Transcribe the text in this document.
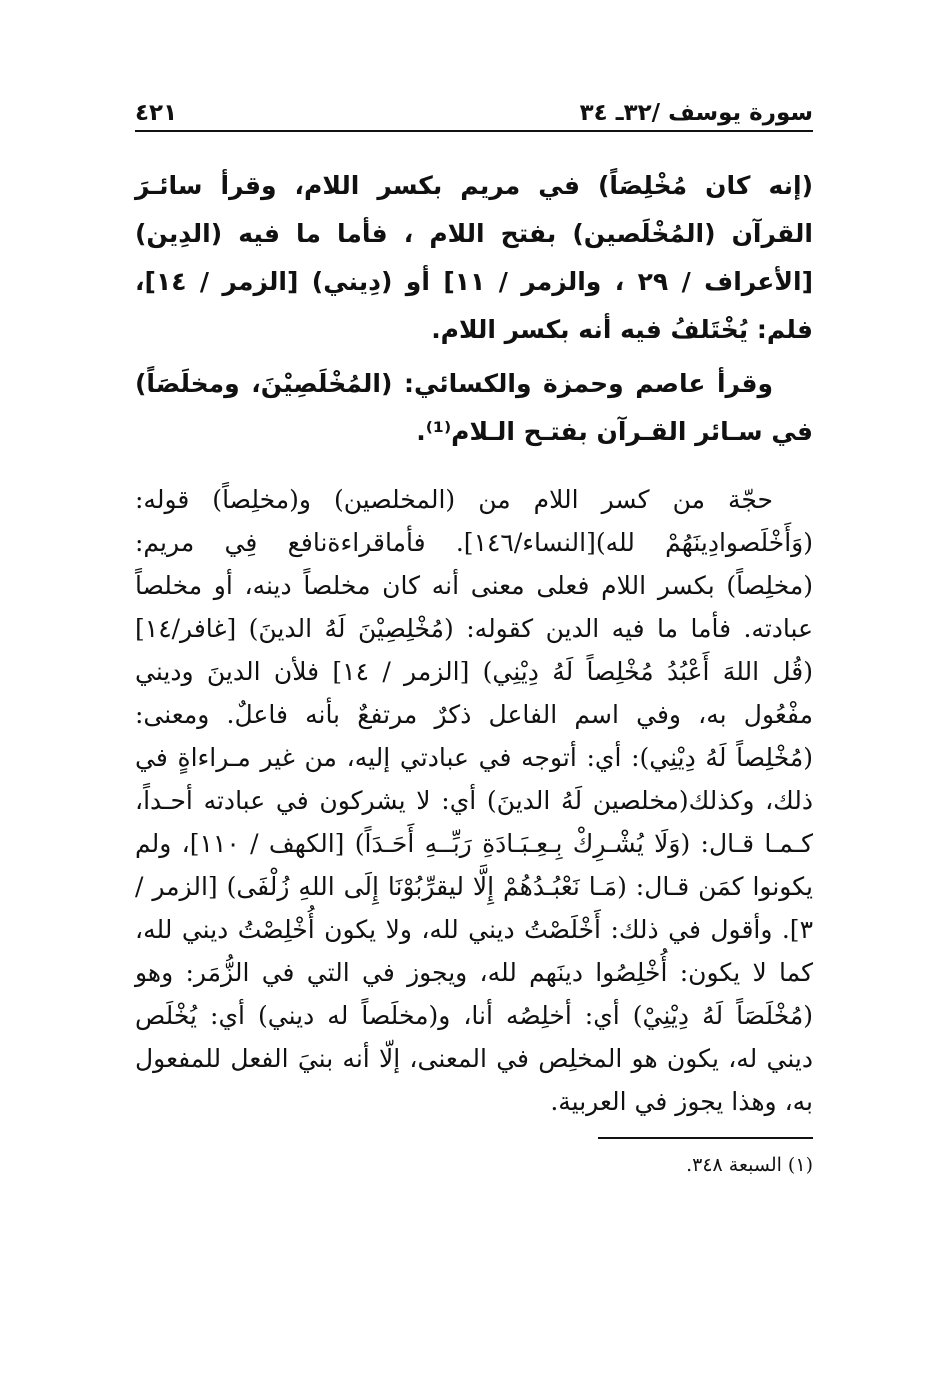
سورة يوسف /٣٢ـ ٣٤
٤٢١

(إنه كان مُخْلِصَاً) في مريم بكسر اللام، وقرأ سائـرَ القرآن (المُخْلَصين) بفتح اللام ، فأما ما فيه (الدِين) [الأعراف / ٢٩ ، والزمر / ١١] أو (دِيني) [الزمر / ١٤]، فلم: يُخْتَلفُ فيه أنه بكسر اللام.

وقرأ عاصم وحمزة والكسائي: (المُخْلَصِيْنَ، ومخلَصَاً) في سـائر القـرآن بفتـح الـلام⁽¹⁾.

حجّة من كسر اللام من (المخلصين) و(مخلِصاً) قوله: (وَأَخْلَصوادِينَهُمْ لله)[النساء/١٤٦]. فأماقراءةنافع فِي مريم: (مخلِصاً) بكسر اللام فعلى معنى أنه كان مخلصاً دينه، أو مخلصاً عبادته. فأما ما فيه الدين كقوله: (مُخْلِصِيْنَ لَهُ الدينَ) [غافر/١٤] (قُل اللهَ أَعْبُدُ مُخْلِصاً لَهُ دِيْنِي) [الزمر / ١٤] فلأن الدينَ وديني مفْعُول به، وفي اسم الفاعل ذكرٌ مرتفعٌ بأنه فاعلٌ. ومعنى: (مُخْلِصاً لَهُ دِيْنِي): أي: أتوجه في عبادتي إليه، من غير مـراءاةٍ في ذلك، وكذلك(مخلصين لَهُ الدينَ) أي: لا يشركون في عبادته أحـداً، كـمـا قـال: (وَلَا يُشْـرِكْ بِـعِـبَـادَةِ رَبِّــهِ أَحَـدَاً) [الكهف / ١١٠]، ولم يكونوا كمَن قـال: (مَـا نَعْبُـدُهُمْ إِلَّا ليقرِّبُوْنَا إِلَى اللهِ زُلْفَى) [الزمر / ٣]. وأقول في ذلك: أَخْلَصْتُ ديني لله، ولا يكون أُخْلِصْتُ ديني لله، كما لا يكون: أُخْلِصُوا دينَهم لله، ويجوز في التي في الزُّمَر: وهو (مُخْلَصَاً لَهُ دِيْنِيْ) أي: أخلِصُه أنا، و(مخلَصاً له ديني) أي: يُخْلَص ديني له، يكون هو المخلِص في المعنى، إلّا أنه بنيَ الفعل للمفعول به، وهذا يجوز في العربية.

(١) السبعة ٣٤٨.
